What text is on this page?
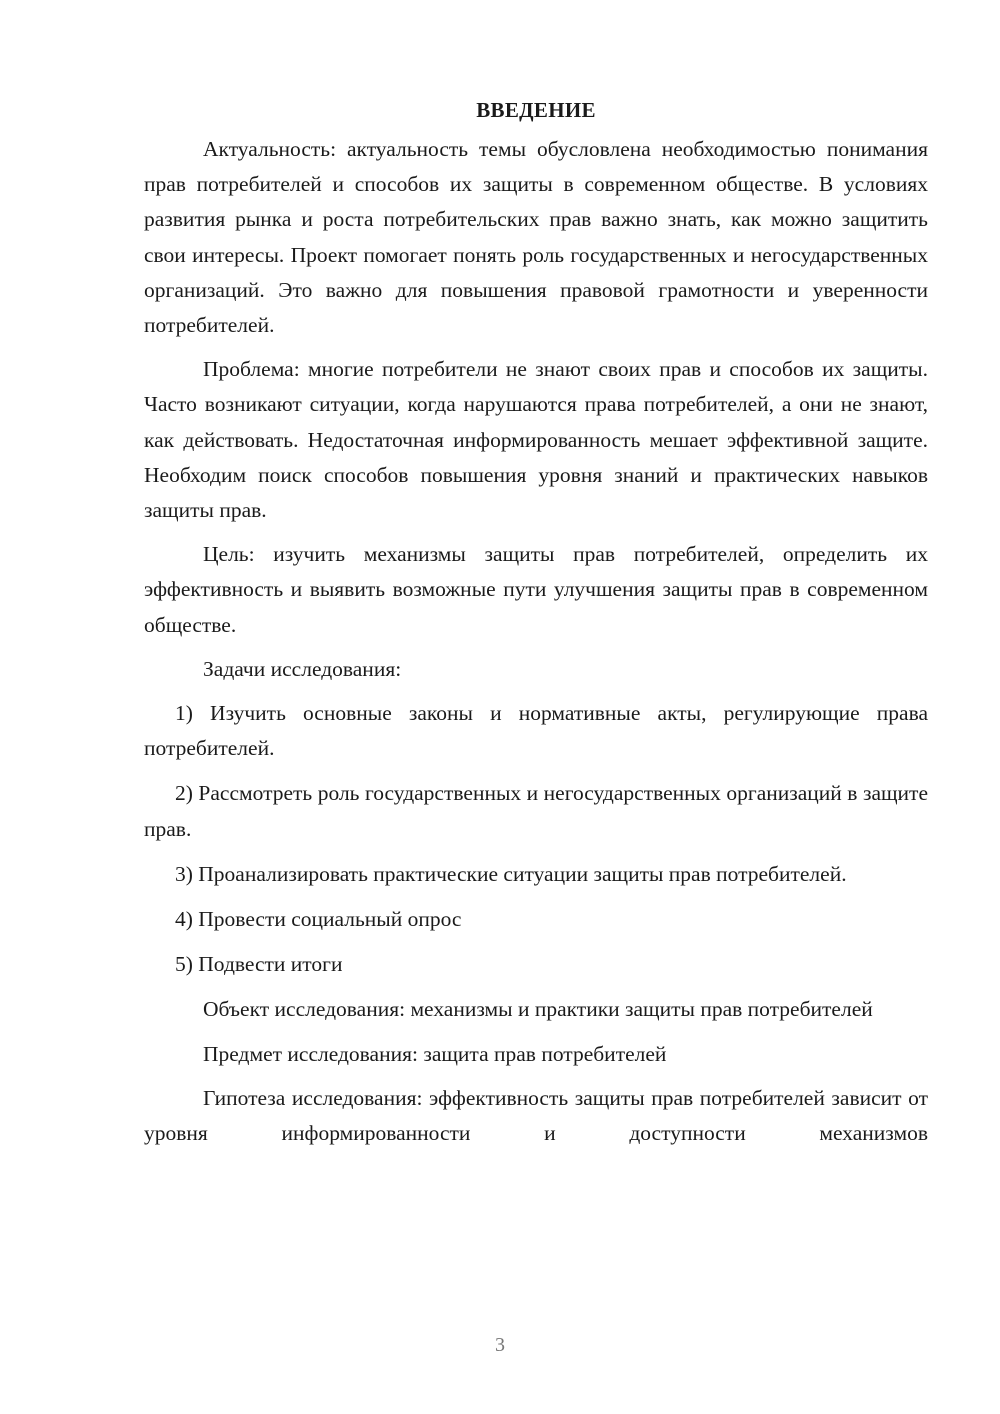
ВВЕДЕНИЕ

Актуальность: актуальность темы обусловлена необходимостью понимания прав потребителей и способов их защиты в современном обществе. В условиях развития рынка и роста потребительских прав важно знать, как можно защитить свои интересы. Проект помогает понять роль государственных и негосударственных организаций. Это важно для повышения правовой грамотности и уверенности потребителей.

Проблема: многие потребители не знают своих прав и способов их защиты. Часто возникают ситуации, когда нарушаются права потребителей, а они не знают, как действовать. Недостаточная информированность мешает эффективной защите. Необходим поиск способов повышения уровня знаний и практических навыков защиты прав.

Цель: изучить механизмы защиты прав потребителей, определить их эффективность и выявить возможные пути улучшения защиты прав в современном обществе.

Задачи исследования:

1) Изучить основные законы и нормативные акты, регулирующие права потребителей.

2) Рассмотреть роль государственных и негосударственных организаций в защите прав.

3) Проанализировать практические ситуации защиты прав потребителей.

4) Провести социальный опрос

5) Подвести итоги

Объект исследования: механизмы и практики защиты прав потребителей

Предмет исследования: защита прав потребителей

Гипотеза исследования: эффективность защиты прав потребителей зависит от уровня информированности и доступности механизмов

3
